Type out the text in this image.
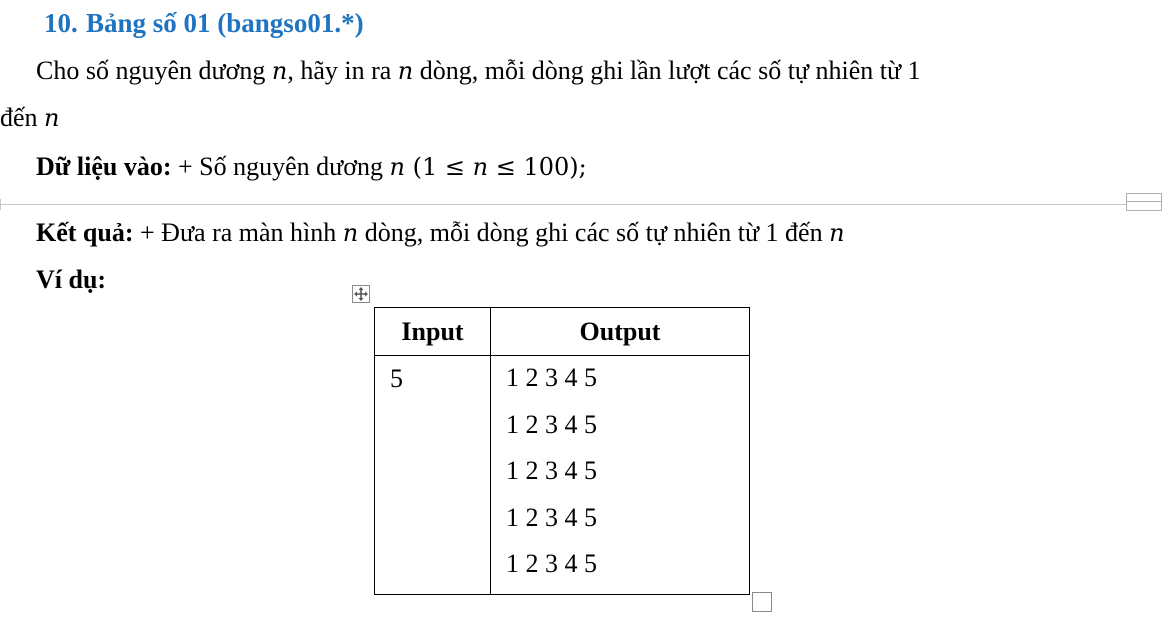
10. Bảng số 01 (bangso01.*)
Cho số nguyên dương n, hãy in ra n dòng, mỗi dòng ghi lần lượt các số tự nhiên từ 1
đến n
Dữ liệu vào: + Số nguyên dương n (1 ≤ n ≤ 100);
Kết quả: + Đưa ra màn hình n dòng, mỗi dòng ghi các số tự nhiên từ 1 đến n
Ví dụ:
Input	Output

5	1 2 3 4 5
1 2 3 4 5
1 2 3 4 5
1 2 3 4 5
1 2 3 4 5
